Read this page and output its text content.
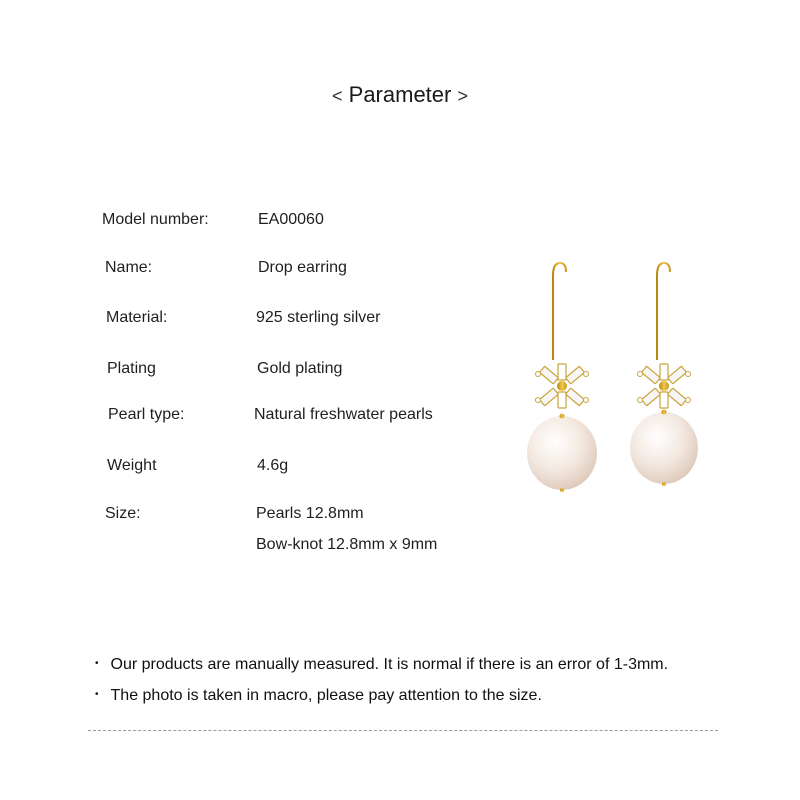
< Parameter >
Model number:	EA00060
Name:	Drop earring
Material:	925 sterling silver
Plating	Gold plating
Pearl type:	Natural freshwater pearls
Weight	4.6g
Size:	Pearls 12.8mm
Bow-knot 12.8mm x 9mm
• Our products are manually measured. It is normal if there is an error of 1-3mm.
• The photo is taken in macro, please pay attention to the size.
